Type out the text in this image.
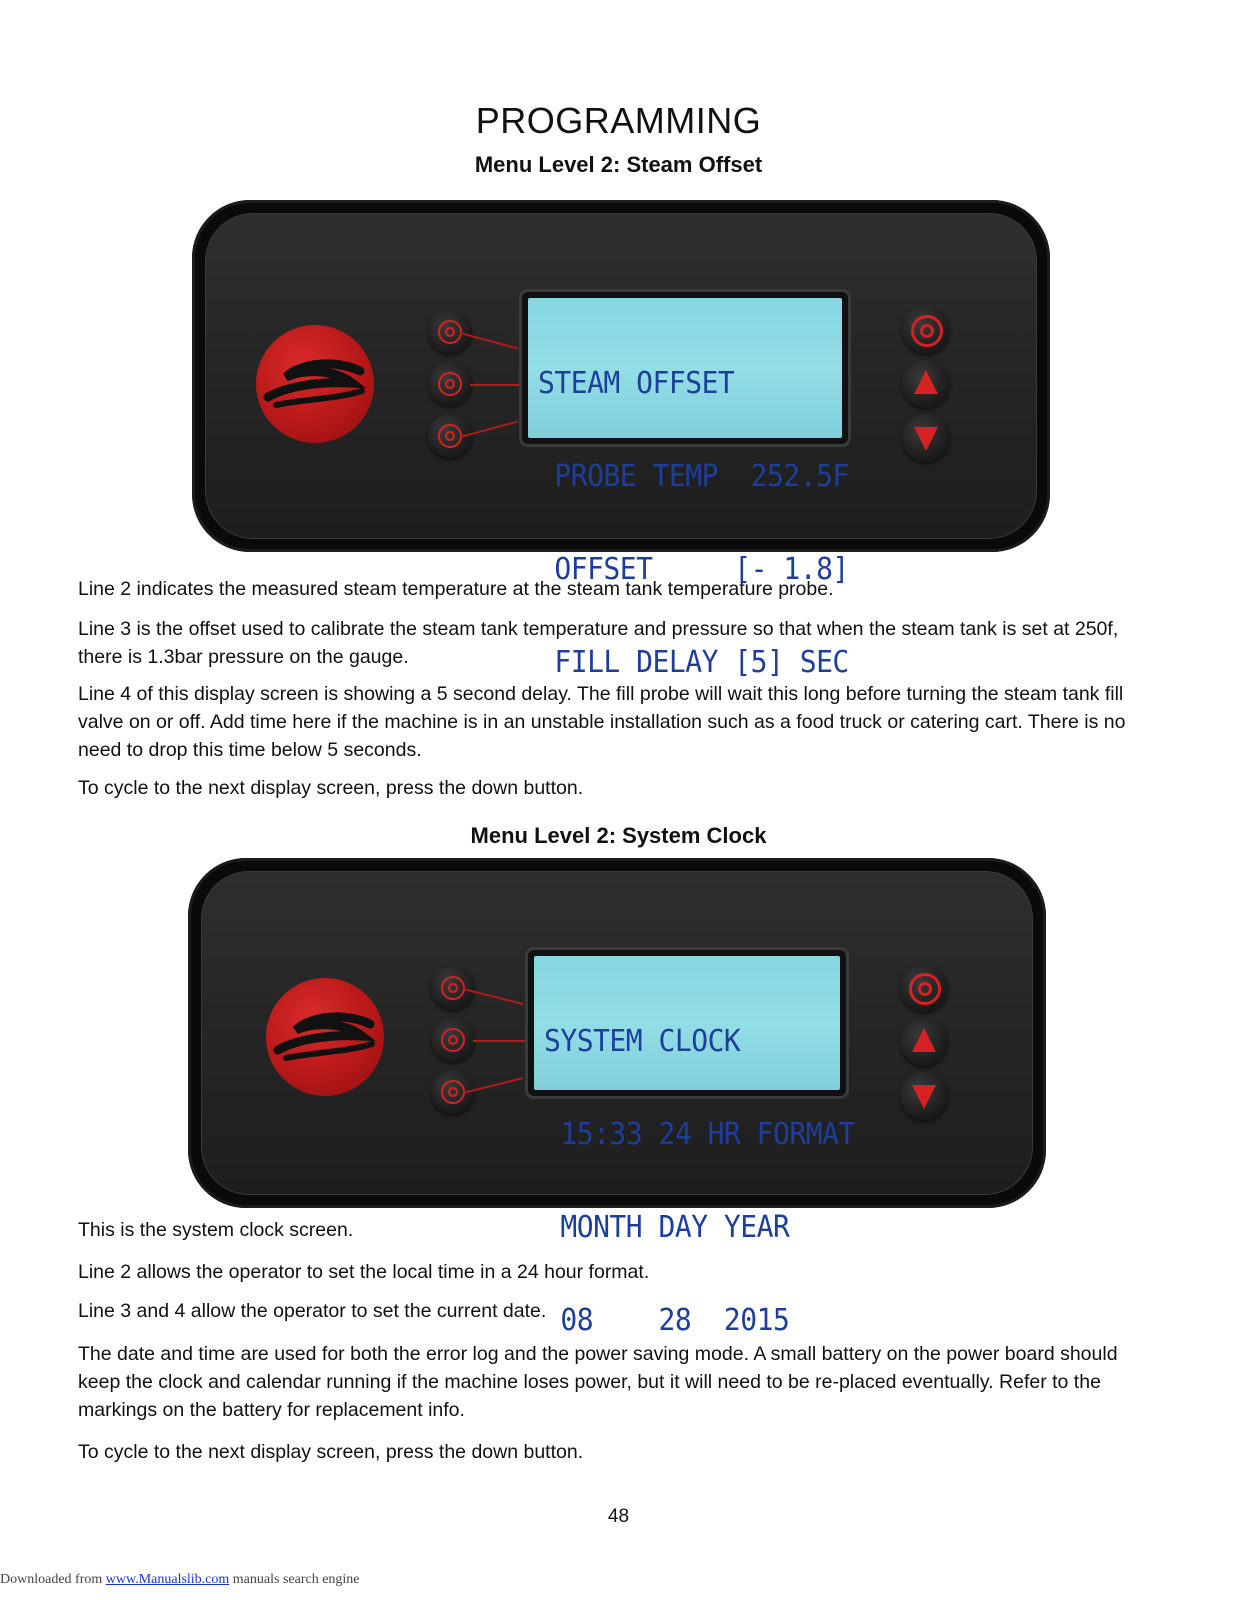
PROGRAMMING
Menu Level 2: Steam Offset

STEAM OFFSET

PROBE TEMP  252.5F

OFFSET     [- 1.8]

FILL DELAY [5] SEC

Line 2 indicates the measured steam temperature at the steam tank temperature probe.

Line 3 is the offset used to calibrate the steam tank temperature and pressure so that when the steam tank is set at 250f, there is 1.3bar pressure on the gauge.

Line 4 of this display screen is showing a 5 second delay. The fill probe will wait this long before turning the steam tank fill valve on or off. Add time here if the machine is in an unstable installation such as a food truck or catering cart. There is no need to drop this time below 5 seconds.

To cycle to the next display screen, press the down button.

Menu Level 2: System Clock

SYSTEM CLOCK

15:33 24 HR FORMAT

MONTH DAY YEAR

08    28  2015

This is the system clock screen.

Line 2 allows the operator to set the local time in a 24 hour format.

Line 3 and 4 allow the operator to set the current date.

The date and time are used for both the error log and the power saving mode. A small battery on the power board should keep the clock and calendar running if the machine loses power, but it will need to be re-placed eventually. Refer to the markings on the battery for replacement info.

To cycle to the next display screen, press the down button.

48
Downloaded from www.Manualslib.com manuals search engine
